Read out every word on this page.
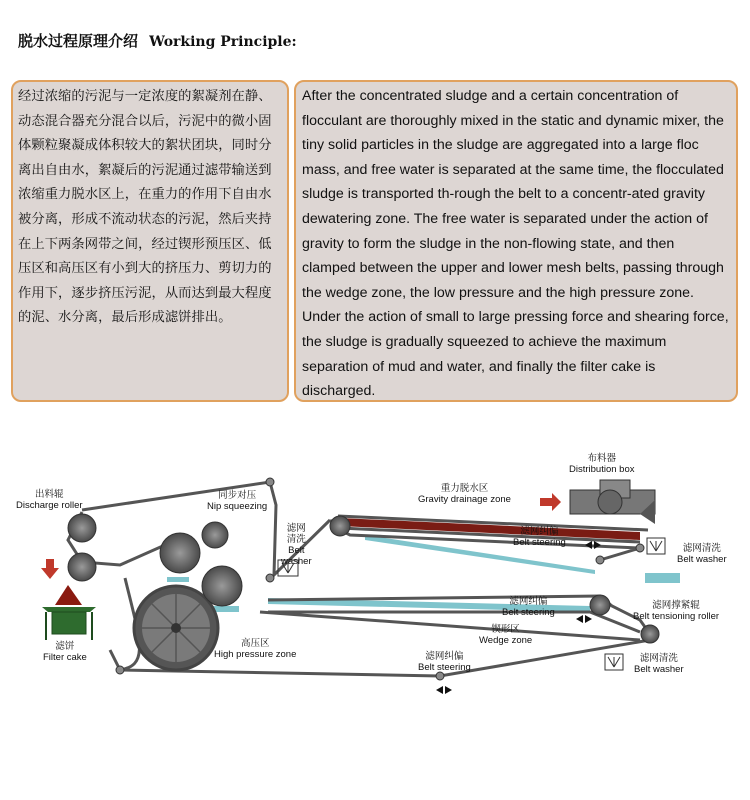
脱水过程原理介绍 Working Principle:

经过浓缩的污泥与一定浓度的絮凝剂在静、动态混合器充分混合以后，污泥中的微小固体颗粒聚凝成体积较大的絮状团块，同时分离出自由水，絮凝后的污泥通过滤带输送到浓缩重力脱水区上，在重力的作用下自由水被分离，形成不流动状态的污泥，然后夹持在上下两条网带之间，经过锲形预压区、低压区和高压区有小到大的挤压力、剪切力的作用下，逐步挤压污泥，从而达到最大程度的泥、水分离，最后形成滤饼排出。

After the concentrated sludge and a certain concentration of flocculant are thoroughly mixed in the static and dynamic mixer, the tiny solid particles in the sludge are aggregated into a large floc mass, and free water is separated at the same time, the flocculated sludge is transported th-rough the belt to a concentr-ated gravity dewatering zone. The free water is separated under the action of gravity to form the sludge in the non-flowing state, and then clamped between the upper and lower mesh belts, passing through the wedge zone, the low pressure and the high pressure zone. Under the action of small to large pressing force and shearing force, the sludge is gradually squeezed to achieve the maximum separation of mud and water, and finally the filter cake is discharged.

出料辊
Discharge roller
同步对压
Nip squeezing
滤网
清洗
Belt
washer
重力脱水区
Gravity drainage zone
布料器
Distribution box
滤网纠偏
Belt steering
滤网清洗
Belt washer
滤网纠偏
Belt steering
滤网撑紧辊
Belt tensioning roller
锲形区
Wedge zone
高压区
High pressure zone
滤饼
Filter cake	滤网纠偏
Belt steering
滤网清洗
Belt washer
